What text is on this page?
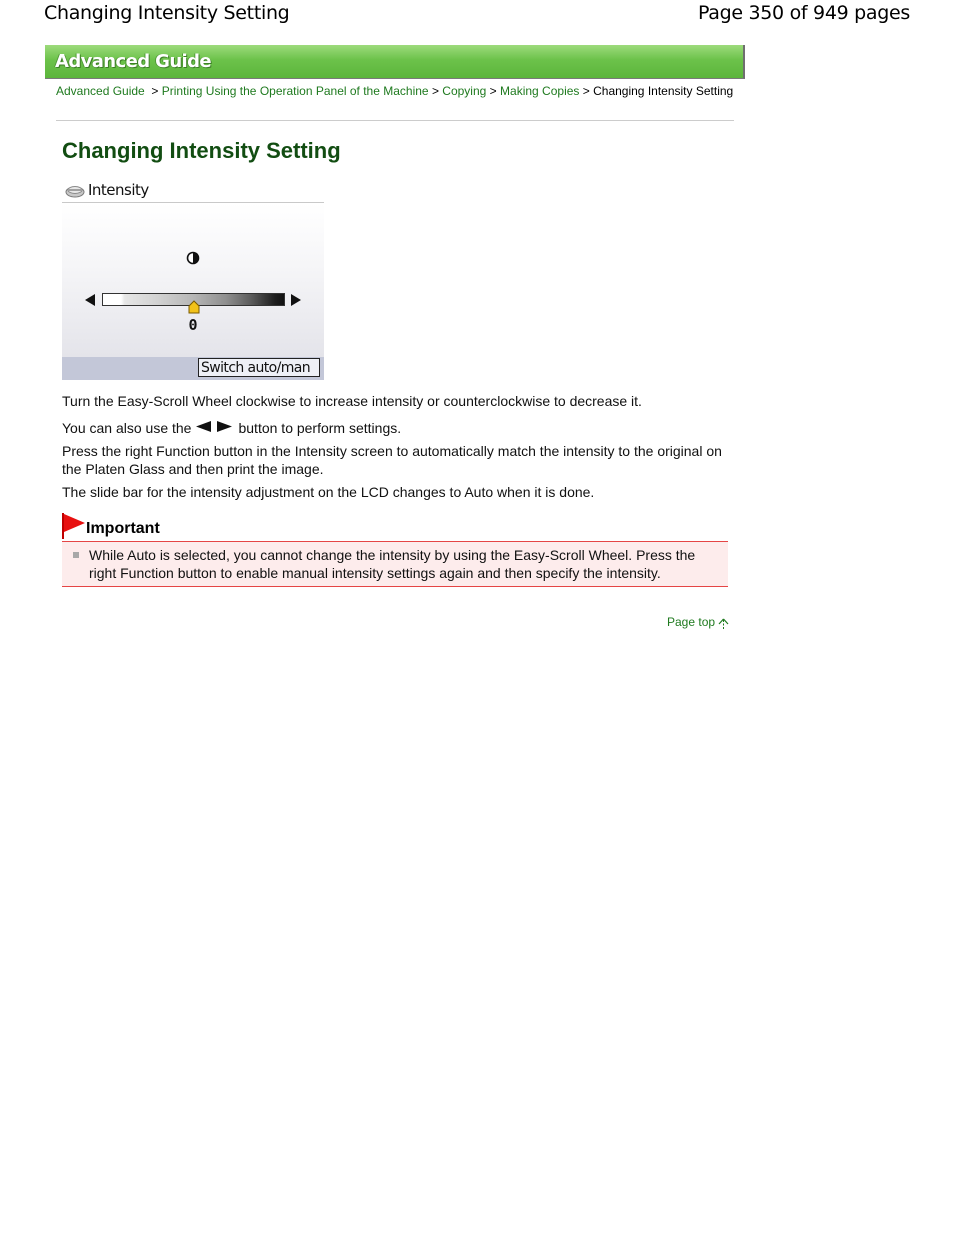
Changing Intensity Setting	Page 350 of 949 pages
Advanced Guide
Advanced Guide > Printing Using the Operation Panel of the Machine > Copying > Making Copies > Changing Intensity Setting
Changing Intensity Setting
Intensity
0
Switch auto/man

Turn the Easy-Scroll Wheel clockwise to increase intensity or counterclockwise to decrease it.

You can also use the	button to perform settings.

Press the right Function button in the Intensity screen to automatically match the intensity to the original on the Platen Glass and then print the image.

The slide bar for the intensity adjustment on the LCD changes to Auto when it is done.

Important

While Auto is selected, you cannot change the intensity by using the Easy-Scroll Wheel. Press the right Function button to enable manual intensity settings again and then specify the intensity.

Page top
